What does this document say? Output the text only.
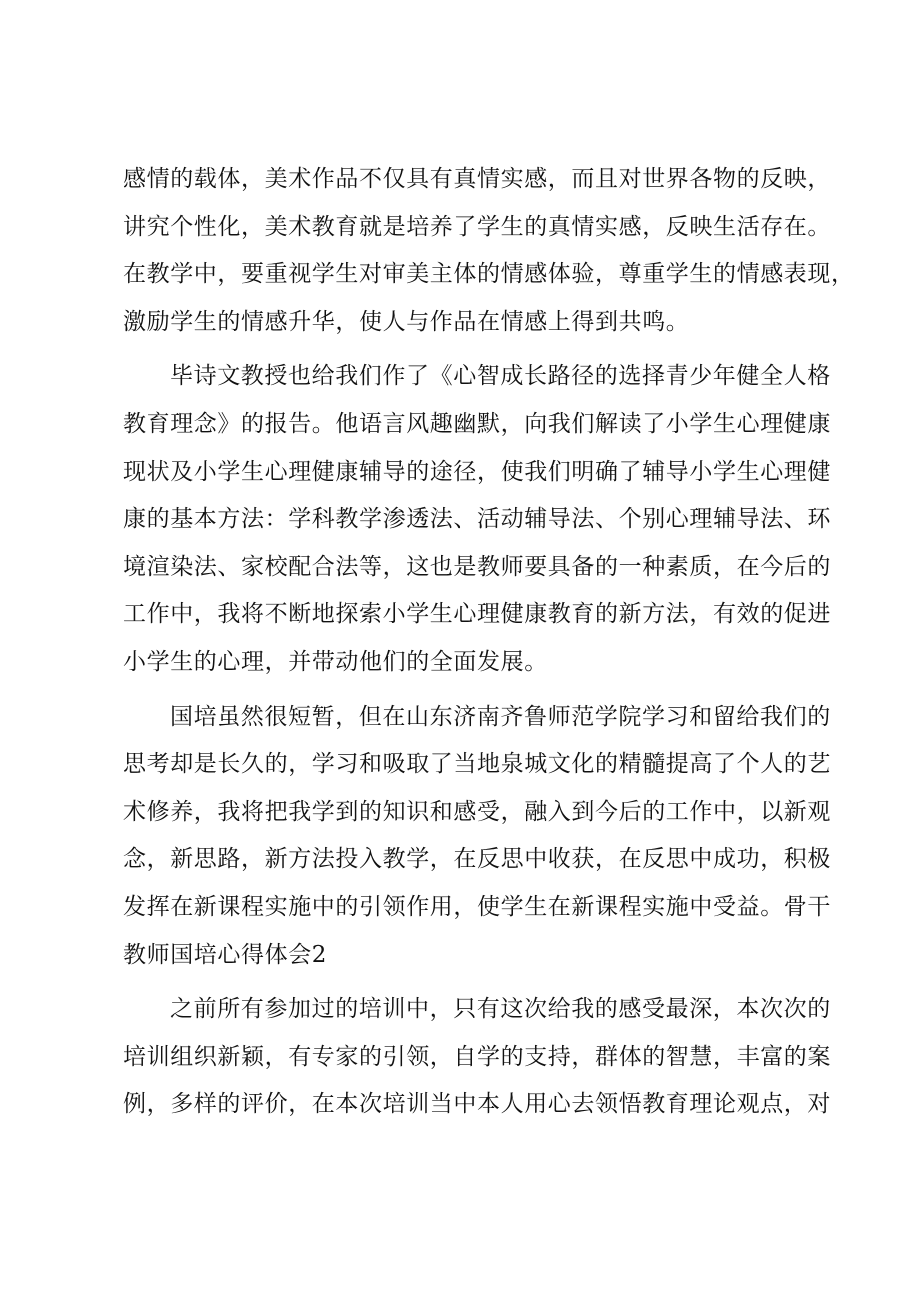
感情的载体，美术作品不仅具有真情实感，而且对世界各物的反映，
讲究个性化，美术教育就是培养了学生的真情实感，反映生活存在。
在教学中，要重视学生对审美主体的情感体验，尊重学生的情感表现，
激励学生的情感升华，使人与作品在情感上得到共鸣。
毕诗文教授也给我们作了《心智成长路径的选择青少年健全人格
教育理念》的报告。他语言风趣幽默，向我们解读了小学生心理健康
现状及小学生心理健康辅导的途径，使我们明确了辅导小学生心理健
康的基本方法：学科教学渗透法、活动辅导法、个别心理辅导法、环
境渲染法、家校配合法等，这也是教师要具备的一种素质，在今后的
工作中，我将不断地探索小学生心理健康教育的新方法，有效的促进
小学生的心理，并带动他们的全面发展。
国培虽然很短暂，但在山东济南齐鲁师范学院学习和留给我们的
思考却是长久的，学习和吸取了当地泉城文化的精髓提高了个人的艺
术修养，我将把我学到的知识和感受，融入到今后的工作中，以新观
念，新思路，新方法投入教学，在反思中收获，在反思中成功，积极
发挥在新课程实施中的引领作用，使学生在新课程实施中受益。骨干
教师国培心得体会2
之前所有参加过的培训中，只有这次给我的感受最深，本次次的
培训组织新颖，有专家的引领，自学的支持，群体的智慧，丰富的案
例，多样的评价，在本次培训当中本人用心去领悟教育理论观点，对
